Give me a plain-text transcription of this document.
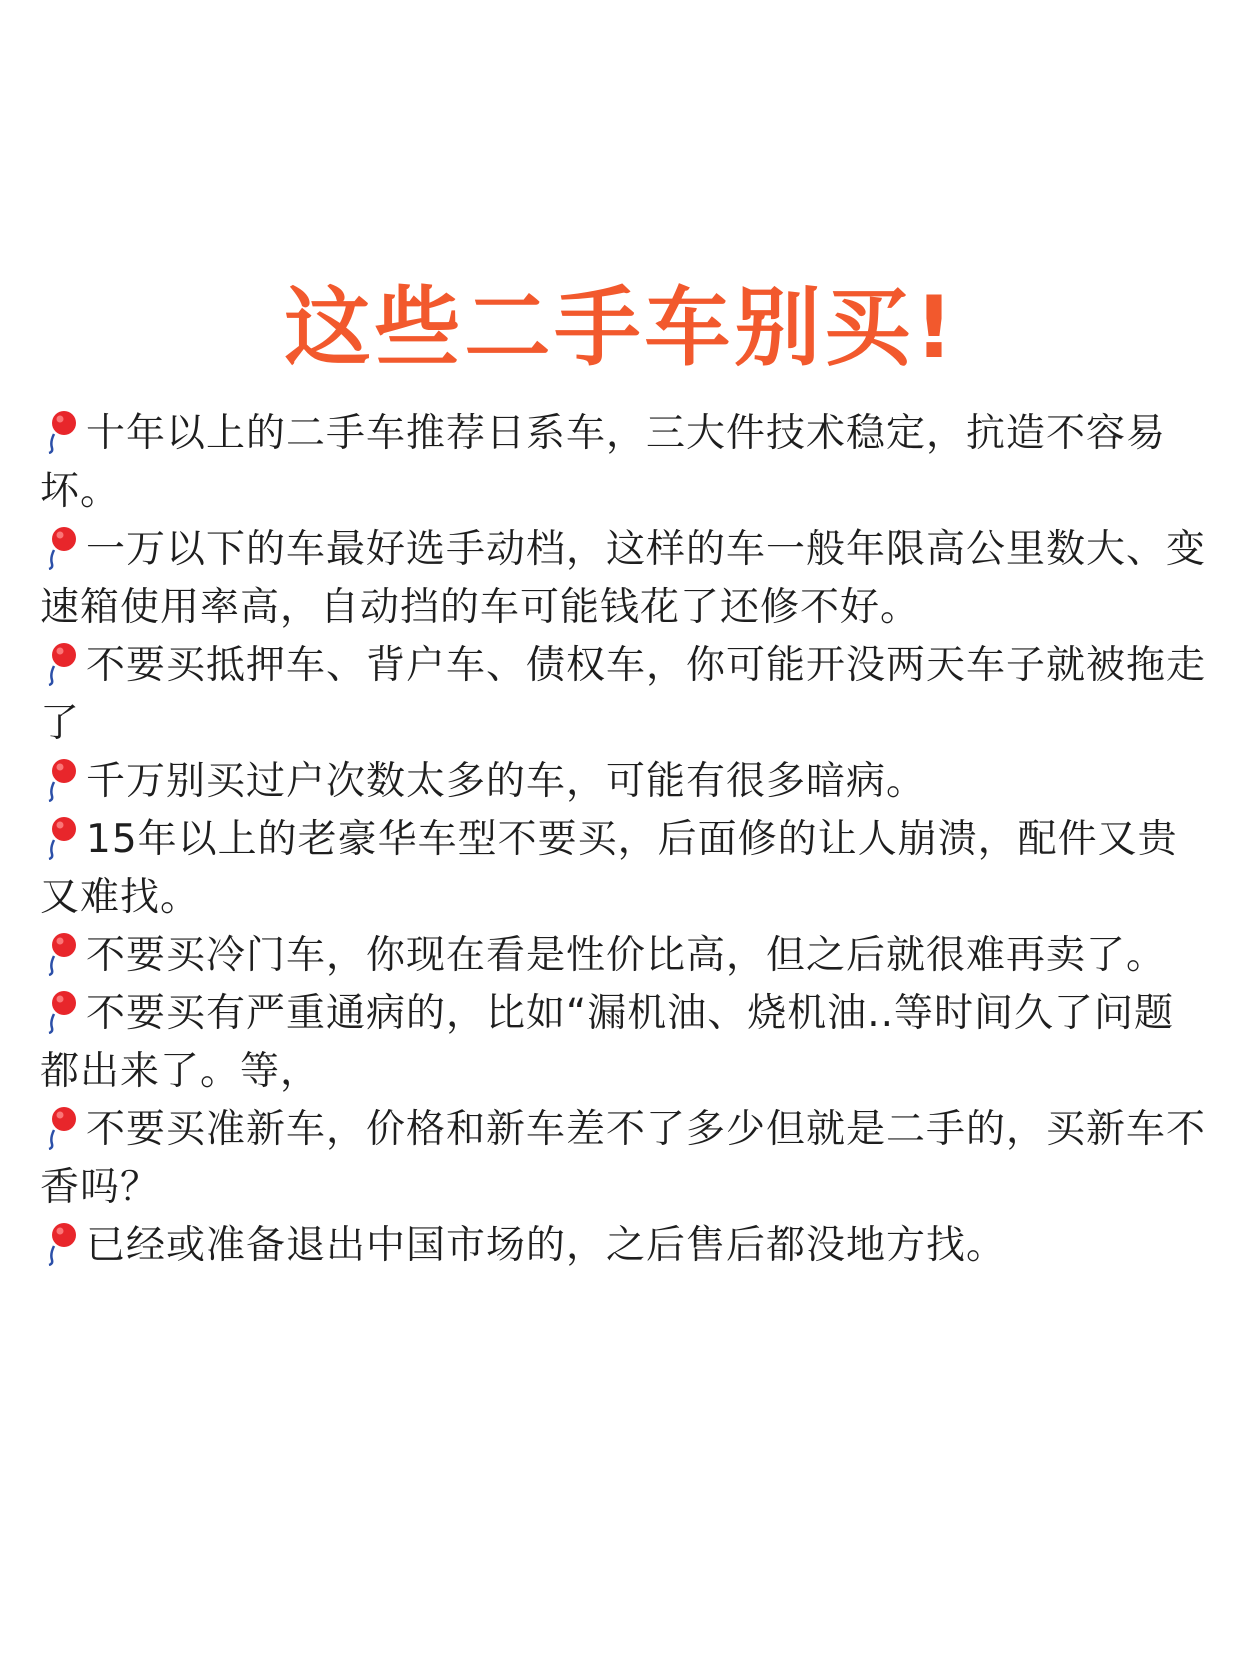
这些二手车别买!

十年以上的二手车推荐日系车，三大件技术稳定，抗造不容易坏。

一万以下的车最好选手动档，这样的车一般年限高公里数大、变速箱使用率高，自动挡的车可能钱花了还修不好。

不要买抵押车、背户车、债权车，你可能开没两天车子就被拖走了

千万别买过户次数太多的车，可能有很多暗病。

15年以上的老豪华车型不要买，后面修的让人崩溃，配件又贵又难找。

不要买冷门车，你现在看是性价比高，但之后就很难再卖了。

不要买有严重通病的，比如“漏机油、烧机油..等时间久了问题都出来了。等，

不要买准新车，价格和新车差不了多少但就是二手的，买新车不香吗？

已经或准备退出中国市场的，之后售后都没地方找。
